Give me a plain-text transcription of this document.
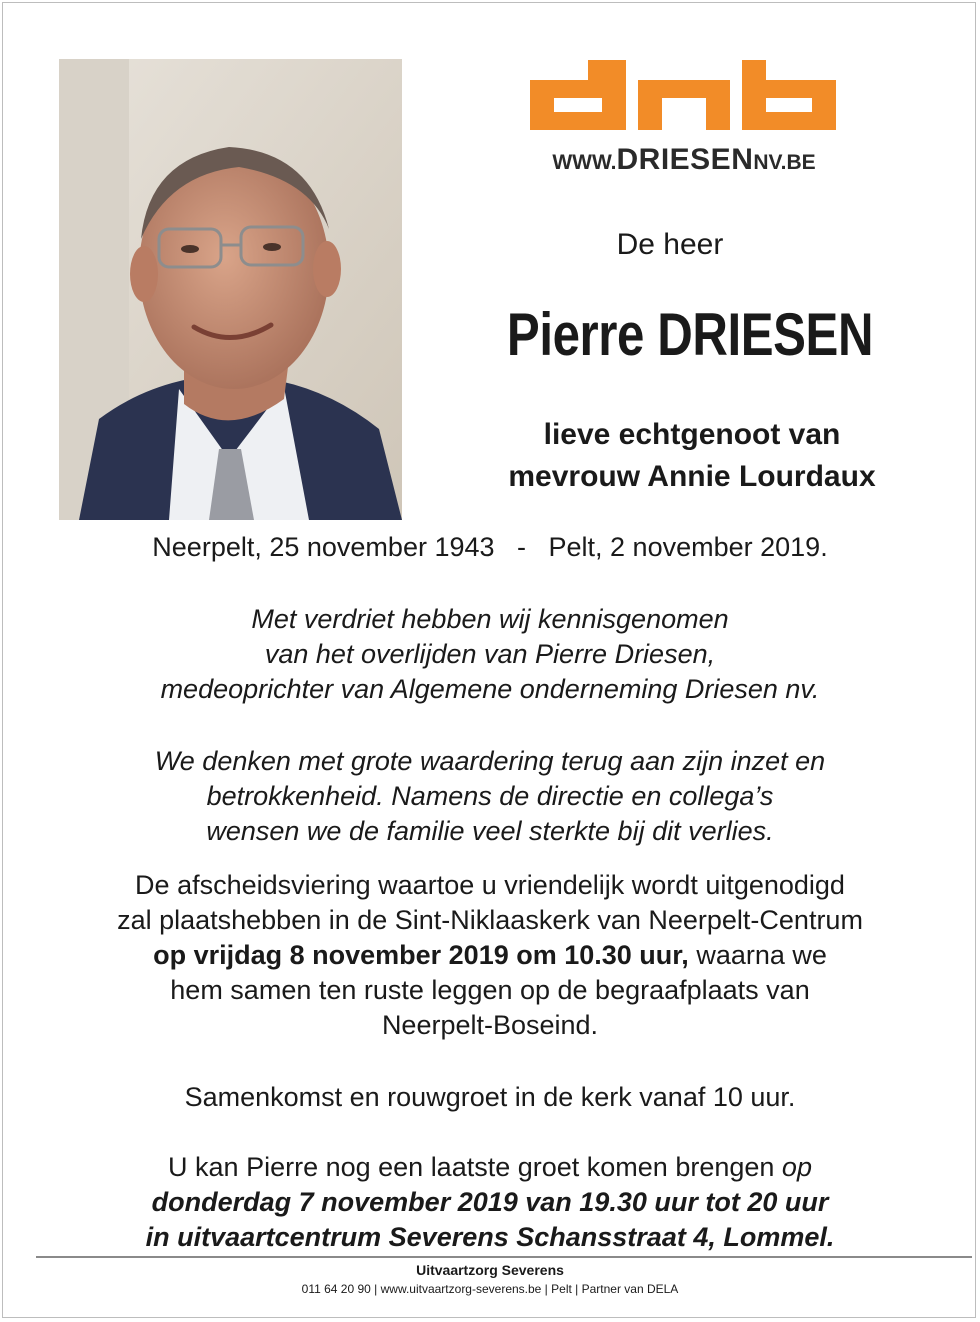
WWW.DRIESENNV.BE
De heer
Pierre DRIESEN
lieve echtgenoot van
mevrouw Annie Lourdaux
Neerpelt, 25 november 1943   -   Pelt, 2 november 2019.
Met verdriet hebben wij kennisgenomen
van het overlijden van Pierre Driesen,
medeoprichter van Algemene onderneming Driesen nv.
We denken met grote waardering terug aan zijn inzet en
betrokkenheid. Namens de directie en collega’s
wensen we de familie veel sterkte bij dit verlies.
De afscheidsviering waartoe u vriendelijk wordt uitgenodigd
zal plaatshebben in de Sint-Niklaaskerk van Neerpelt-Centrum
op vrijdag 8 november 2019 om 10.30 uur, waarna we
hem samen ten ruste leggen op de begraafplaats van
Neerpelt-Boseind.
Samenkomst en rouwgroet in de kerk vanaf 10 uur.
U kan Pierre nog een laatste groet komen brengen op
donderdag 7 november 2019 van 19.30 uur tot 20 uur
in uitvaartcentrum Severens Schansstraat 4, Lommel.
Uitvaartzorg Severens
011 64 20 90 | www.uitvaartzorg-severens.be | Pelt | Partner van DELA
